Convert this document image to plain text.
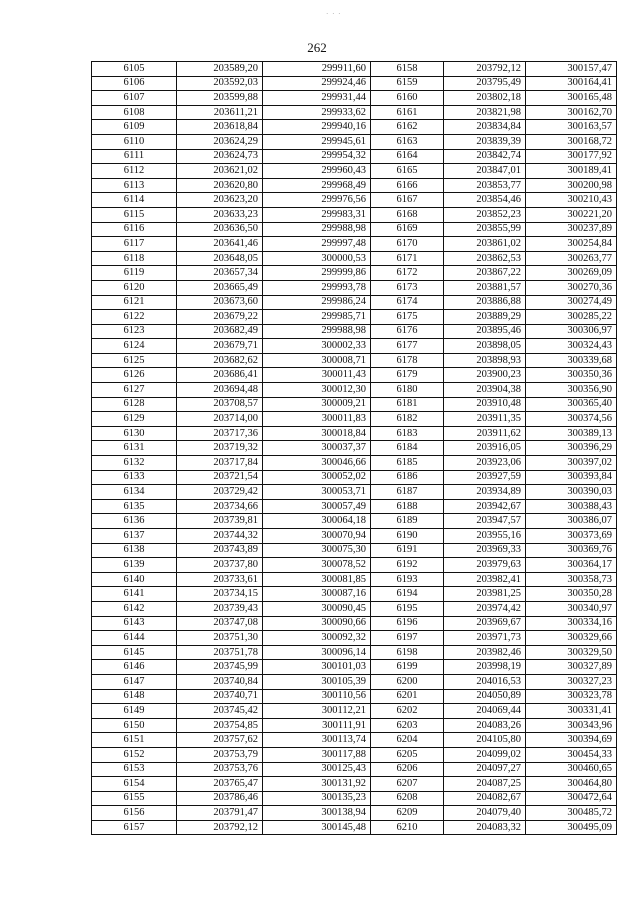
· · ·
262
6105	203589,20	299911,60	6158	203792,12	300157,47
6106	203592,03	299924,46	6159	203795,49	300164,41
6107	203599,88	299931,44	6160	203802,18	300165,48
6108	203611,21	299933,62	6161	203821,98	300162,70
6109	203618,84	299940,16	6162	203834,84	300163,57
6110	203624,29	299945,61	6163	203839,39	300168,72
6111	203624,73	299954,32	6164	203842,74	300177,92
6112	203621,02	299960,43	6165	203847,01	300189,41
6113	203620,80	299968,49	6166	203853,77	300200,98
6114	203623,20	299976,56	6167	203854,46	300210,43
6115	203633,23	299983,31	6168	203852,23	300221,20
6116	203636,50	299988,98	6169	203855,99	300237,89
6117	203641,46	299997,48	6170	203861,02	300254,84
6118	203648,05	300000,53	6171	203862,53	300263,77
6119	203657,34	299999,86	6172	203867,22	300269,09
6120	203665,49	299993,78	6173	203881,57	300270,36
6121	203673,60	299986,24	6174	203886,88	300274,49
6122	203679,22	299985,71	6175	203889,29	300285,22
6123	203682,49	299988,98	6176	203895,46	300306,97
6124	203679,71	300002,33	6177	203898,05	300324,43
6125	203682,62	300008,71	6178	203898,93	300339,68
6126	203686,41	300011,43	6179	203900,23	300350,36
6127	203694,48	300012,30	6180	203904,38	300356,90
6128	203708,57	300009,21	6181	203910,48	300365,40
6129	203714,00	300011,83	6182	203911,35	300374,56
6130	203717,36	300018,84	6183	203911,62	300389,13
6131	203719,32	300037,37	6184	203916,05	300396,29
6132	203717,84	300046,66	6185	203923,06	300397,02
6133	203721,54	300052,02	6186	203927,59	300393,84
6134	203729,42	300053,71	6187	203934,89	300390,03
6135	203734,66	300057,49	6188	203942,67	300388,43
6136	203739,81	300064,18	6189	203947,57	300386,07
6137	203744,32	300070,94	6190	203955,16	300373,69
6138	203743,89	300075,30	6191	203969,33	300369,76
6139	203737,80	300078,52	6192	203979,63	300364,17
6140	203733,61	300081,85	6193	203982,41	300358,73
6141	203734,15	300087,16	6194	203981,25	300350,28
6142	203739,43	300090,45	6195	203974,42	300340,97
6143	203747,08	300090,66	6196	203969,67	300334,16
6144	203751,30	300092,32	6197	203971,73	300329,66
6145	203751,78	300096,14	6198	203982,46	300329,50
6146	203745,99	300101,03	6199	203998,19	300327,89
6147	203740,84	300105,39	6200	204016,53	300327,23
6148	203740,71	300110,56	6201	204050,89	300323,78
6149	203745,42	300112,21	6202	204069,44	300331,41
6150	203754,85	300111,91	6203	204083,26	300343,96
6151	203757,62	300113,74	6204	204105,80	300394,69
6152	203753,79	300117,88	6205	204099,02	300454,33
6153	203753,76	300125,43	6206	204097,27	300460,65
6154	203765,47	300131,92	6207	204087,25	300464,80
6155	203786,46	300135,23	6208	204082,67	300472,64
6156	203791,47	300138,94	6209	204079,40	300485,72
6157	203792,12	300145,48	6210	204083,32	300495,09
